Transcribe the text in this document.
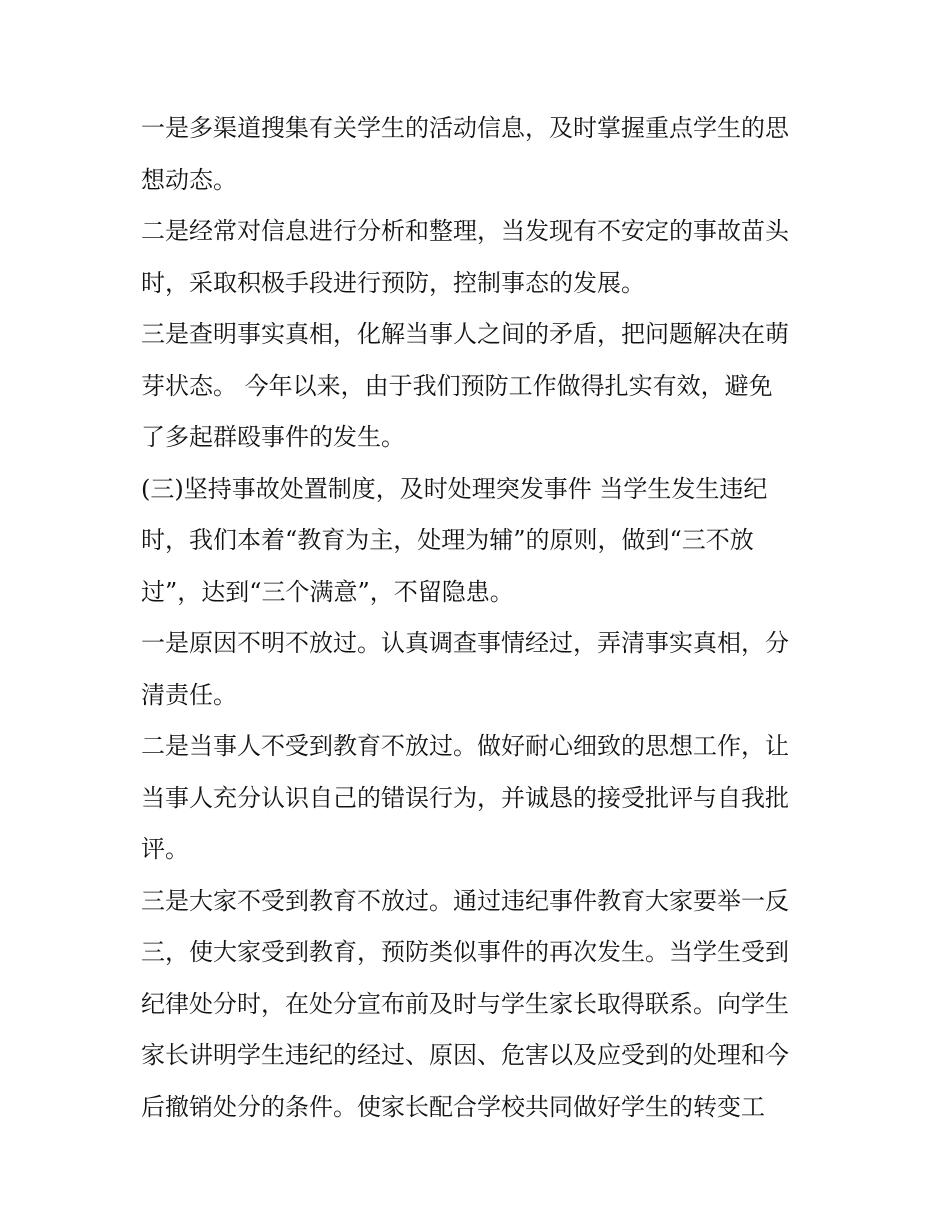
一是多渠道搜集有关学生的活动信息，及时掌握重点学生的思
想动态。
二是经常对信息进行分析和整理，当发现有不安定的事故苗头
时，采取积极手段进行预防，控制事态的发展。
三是查明事实真相，化解当事人之间的矛盾，把问题解决在萌
芽状态。 今年以来，由于我们预防工作做得扎实有效，避免
了多起群殴事件的发生。
(三)坚持事故处置制度，及时处理突发事件 当学生发生违纪
时，我们本着“教育为主，处理为辅”的原则，做到“三不放
过”，达到“三个满意”，不留隐患。
一是原因不明不放过。认真调查事情经过，弄清事实真相，分
清责任。
二是当事人不受到教育不放过。做好耐心细致的思想工作，让
当事人充分认识自己的错误行为，并诚恳的接受批评与自我批
评。
三是大家不受到教育不放过。通过违纪事件教育大家要举一反
三，使大家受到教育，预防类似事件的再次发生。当学生受到
纪律处分时，在处分宣布前及时与学生家长取得联系。向学生
家长讲明学生违纪的经过、原因、危害以及应受到的处理和今
后撤销处分的条件。使家长配合学校共同做好学生的转变工
